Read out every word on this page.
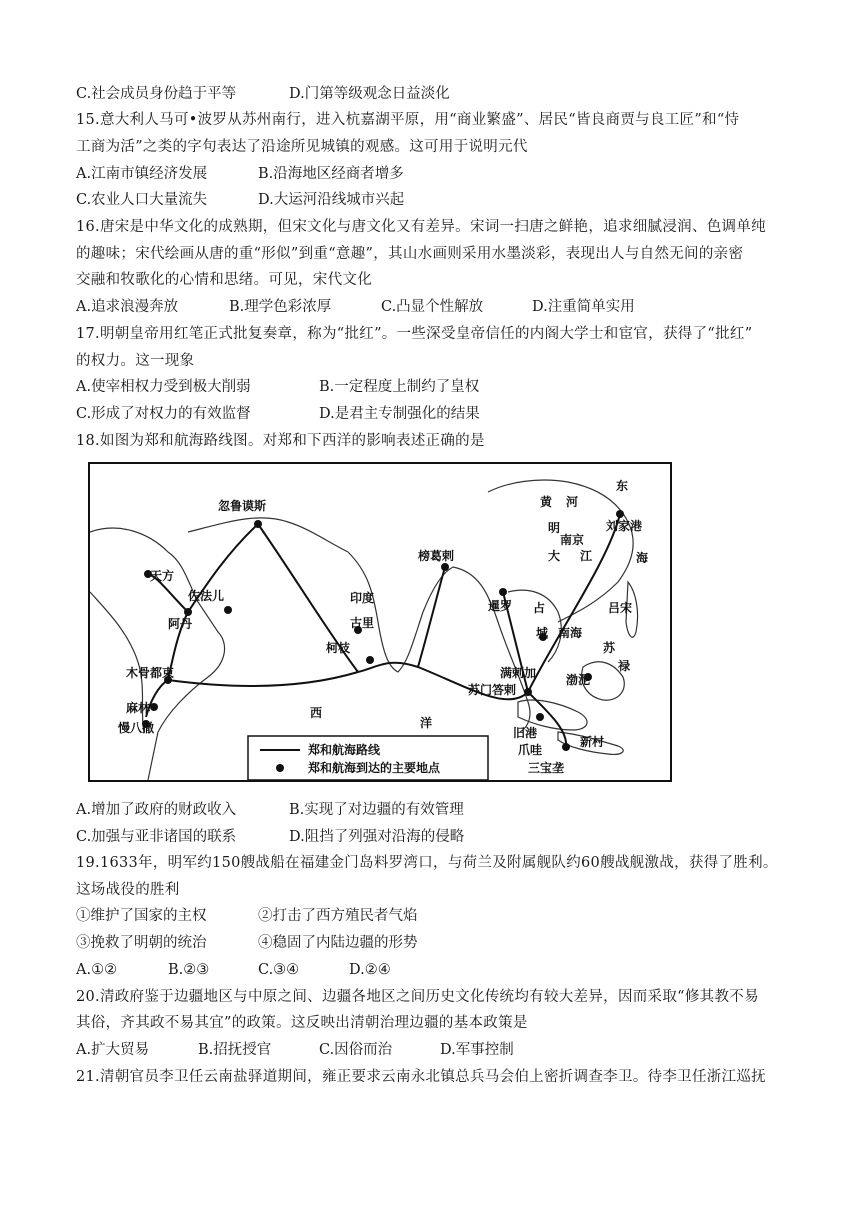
C.社会成员身份趋于平等	D.门第等级观念日益淡化
15.意大利人马可•波罗从苏州南行，进入杭嘉湖平原，用“商业繁盛”、居民“皆良商贾与良工匠”和“恃
工商为活”之类的字句表达了沿途所见城镇的观感。这可用于说明元代
A.江南市镇经济发展	B.沿海地区经商者增多
C.农业人口大量流失	D.大运河沿线城市兴起
16.唐宋是中华文化的成熟期，但宋文化与唐文化又有差异。宋词一扫唐之鲜艳，追求细腻浸润、色调单纯
的趣味；宋代绘画从唐的重“形似”到重“意趣”，其山水画则采用水墨淡彩，表现出人与自然无间的亲密
交融和牧歌化的心情和思绪。可见，宋代文化
A.追求浪漫奔放	B.理学色彩浓厚	C.凸显个性解放	D.注重简单实用
17.明朝皇帝用红笔正式批复奏章，称为“批红”。一些深受皇帝信任的内阁大学士和宦官，获得了“批红”
的权力。这一现象
A.使宰相权力受到极大削弱	B.一定程度上制约了皇权
C.形成了对权力的有效监督	D.是君主专制强化的结果
18.如图为郑和航海路线图。对郑和下西洋的影响表述正确的是
黄 河
东
明
南京
刘家港
大 江	海
忽鲁谟斯
天方
印度
榜葛剌
佐法儿
阿丹
暹罗 占
城
吕宋
南海
苏
禄
古里
柯枝
木骨都束
麻林
慢八撒
西
洋
满剌加 渤泥
旧港
爪哇
新村
三宝垄
苏门答剌
郑和航海路线
郑和航海到达的主要地点
A.增加了政府的财政收入	B.实现了对边疆的有效管理
C.加强与亚非诸国的联系	D.阻挡了列强对沿海的侵略
19.1633年，明军约150艘战船在福建金门岛料罗湾口，与荷兰及附属舰队约60艘战舰激战，获得了胜利。
这场战役的胜利
①维护了国家的主权	②打击了西方殖民者气焰
③挽救了明朝的统治	④稳固了内陆边疆的形势
A.①②	B.②③	C.③④	D.②④
20.清政府鉴于边疆地区与中原之间、边疆各地区之间历史文化传统均有较大差异，因而采取“修其教不易
其俗，齐其政不易其宜”的政策。这反映出清朝治理边疆的基本政策是
A.扩大贸易	B.招抚授官	C.因俗而治	D.军事控制
21.清朝官员李卫任云南盐驿道期间，雍正要求云南永北镇总兵马会伯上密折调查李卫。待李卫任浙江巡抚
